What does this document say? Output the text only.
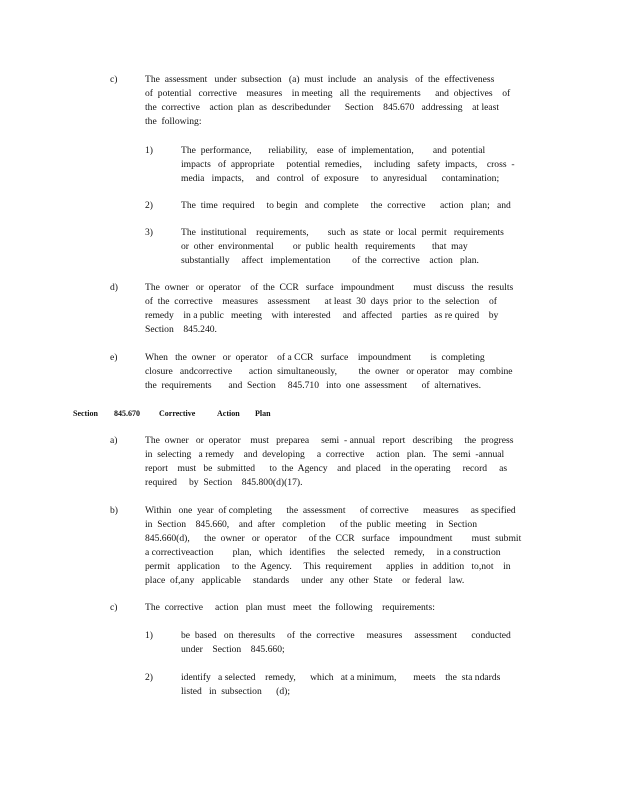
c)	The  assessment   under  subsection   (a)  must  include   an  analysis   of  the  effectiveness
of  potential   corrective    measures    in meeting   all  the  requirements      and  objectives    of
the  corrective    action  plan  as  describedunder      Section    845.670   addressing    at least
the  following:
1)	The  performance,       reliability,    ease  of  implementation,        and  potential
impacts   of  appropriate     potential  remedies,     including   safety  impacts,    cross  -
media   impacts,     and   control   of  exposure     to  anyresidual      contamination;
2)	The  time  required     to begin   and  complete     the  corrective      action   plan;   and
3)	The  institutional    requirements,        such  as  state  or  local  permit   requirements
or  other  environmental        or  public  health   requirements       that  may
substantially     affect   implementation         of  the  corrective    action   plan.
d)	The  owner   or  operator    of  the  CCR   surface   impoundment        must  discuss   the  results
of  the  corrective    measures    assessment      at least  30  days  prior  to  the  selection    of
remedy    in a public   meeting    with  interested     and  affected    parties   as re quired    by
Section    845.240.
e)	When   the  owner   or  operator    of a CCR   surface    impoundment        is  completing
closure   andcorrective       action  simultaneously,         the  owner   or operator    may  combine
the  requirements       and  Section     845.710   into  one  assessment      of  alternatives.
Section 845.670 Corrective	Action Plan
a)	The  owner   or  operator    must   preparea     semi  - annual   report   describing     the  progress
in  selecting   a remedy    and  developing     a  corrective     action   plan.   The  semi  -annual
report    must   be  submitted      to  the  Agency    and  placed    in the operating     record     as
required     by  Section    845.800(d)(17).
b)	Within   one  year  of completing      the  assessment      of corrective      measures     as specified
in  Section    845.660,    and  after   completion      of the  public  meeting    in  Section
845.660(d),      the  owner   or  operator     of the  CCR   surface    impoundment        must  submit
a correctiveaction        plan,   which   identifies     the  selected    remedy,     in a construction
permit   application     to  the  Agency.     This  requirement      applies   in  addition   to,not    in
place  of,any   applicable     standards     under   any  other  State    or  federal   law.
c)	The  corrective     action   plan  must   meet   the  following    requirements:
1)	be  based   on  theresults     of  the  corrective     measures     assessment      conducted
under    Section    845.660;
2)	identify   a selected    remedy,      which   at a minimum,       meets    the  sta ndards
listed   in  subsection      (d);
